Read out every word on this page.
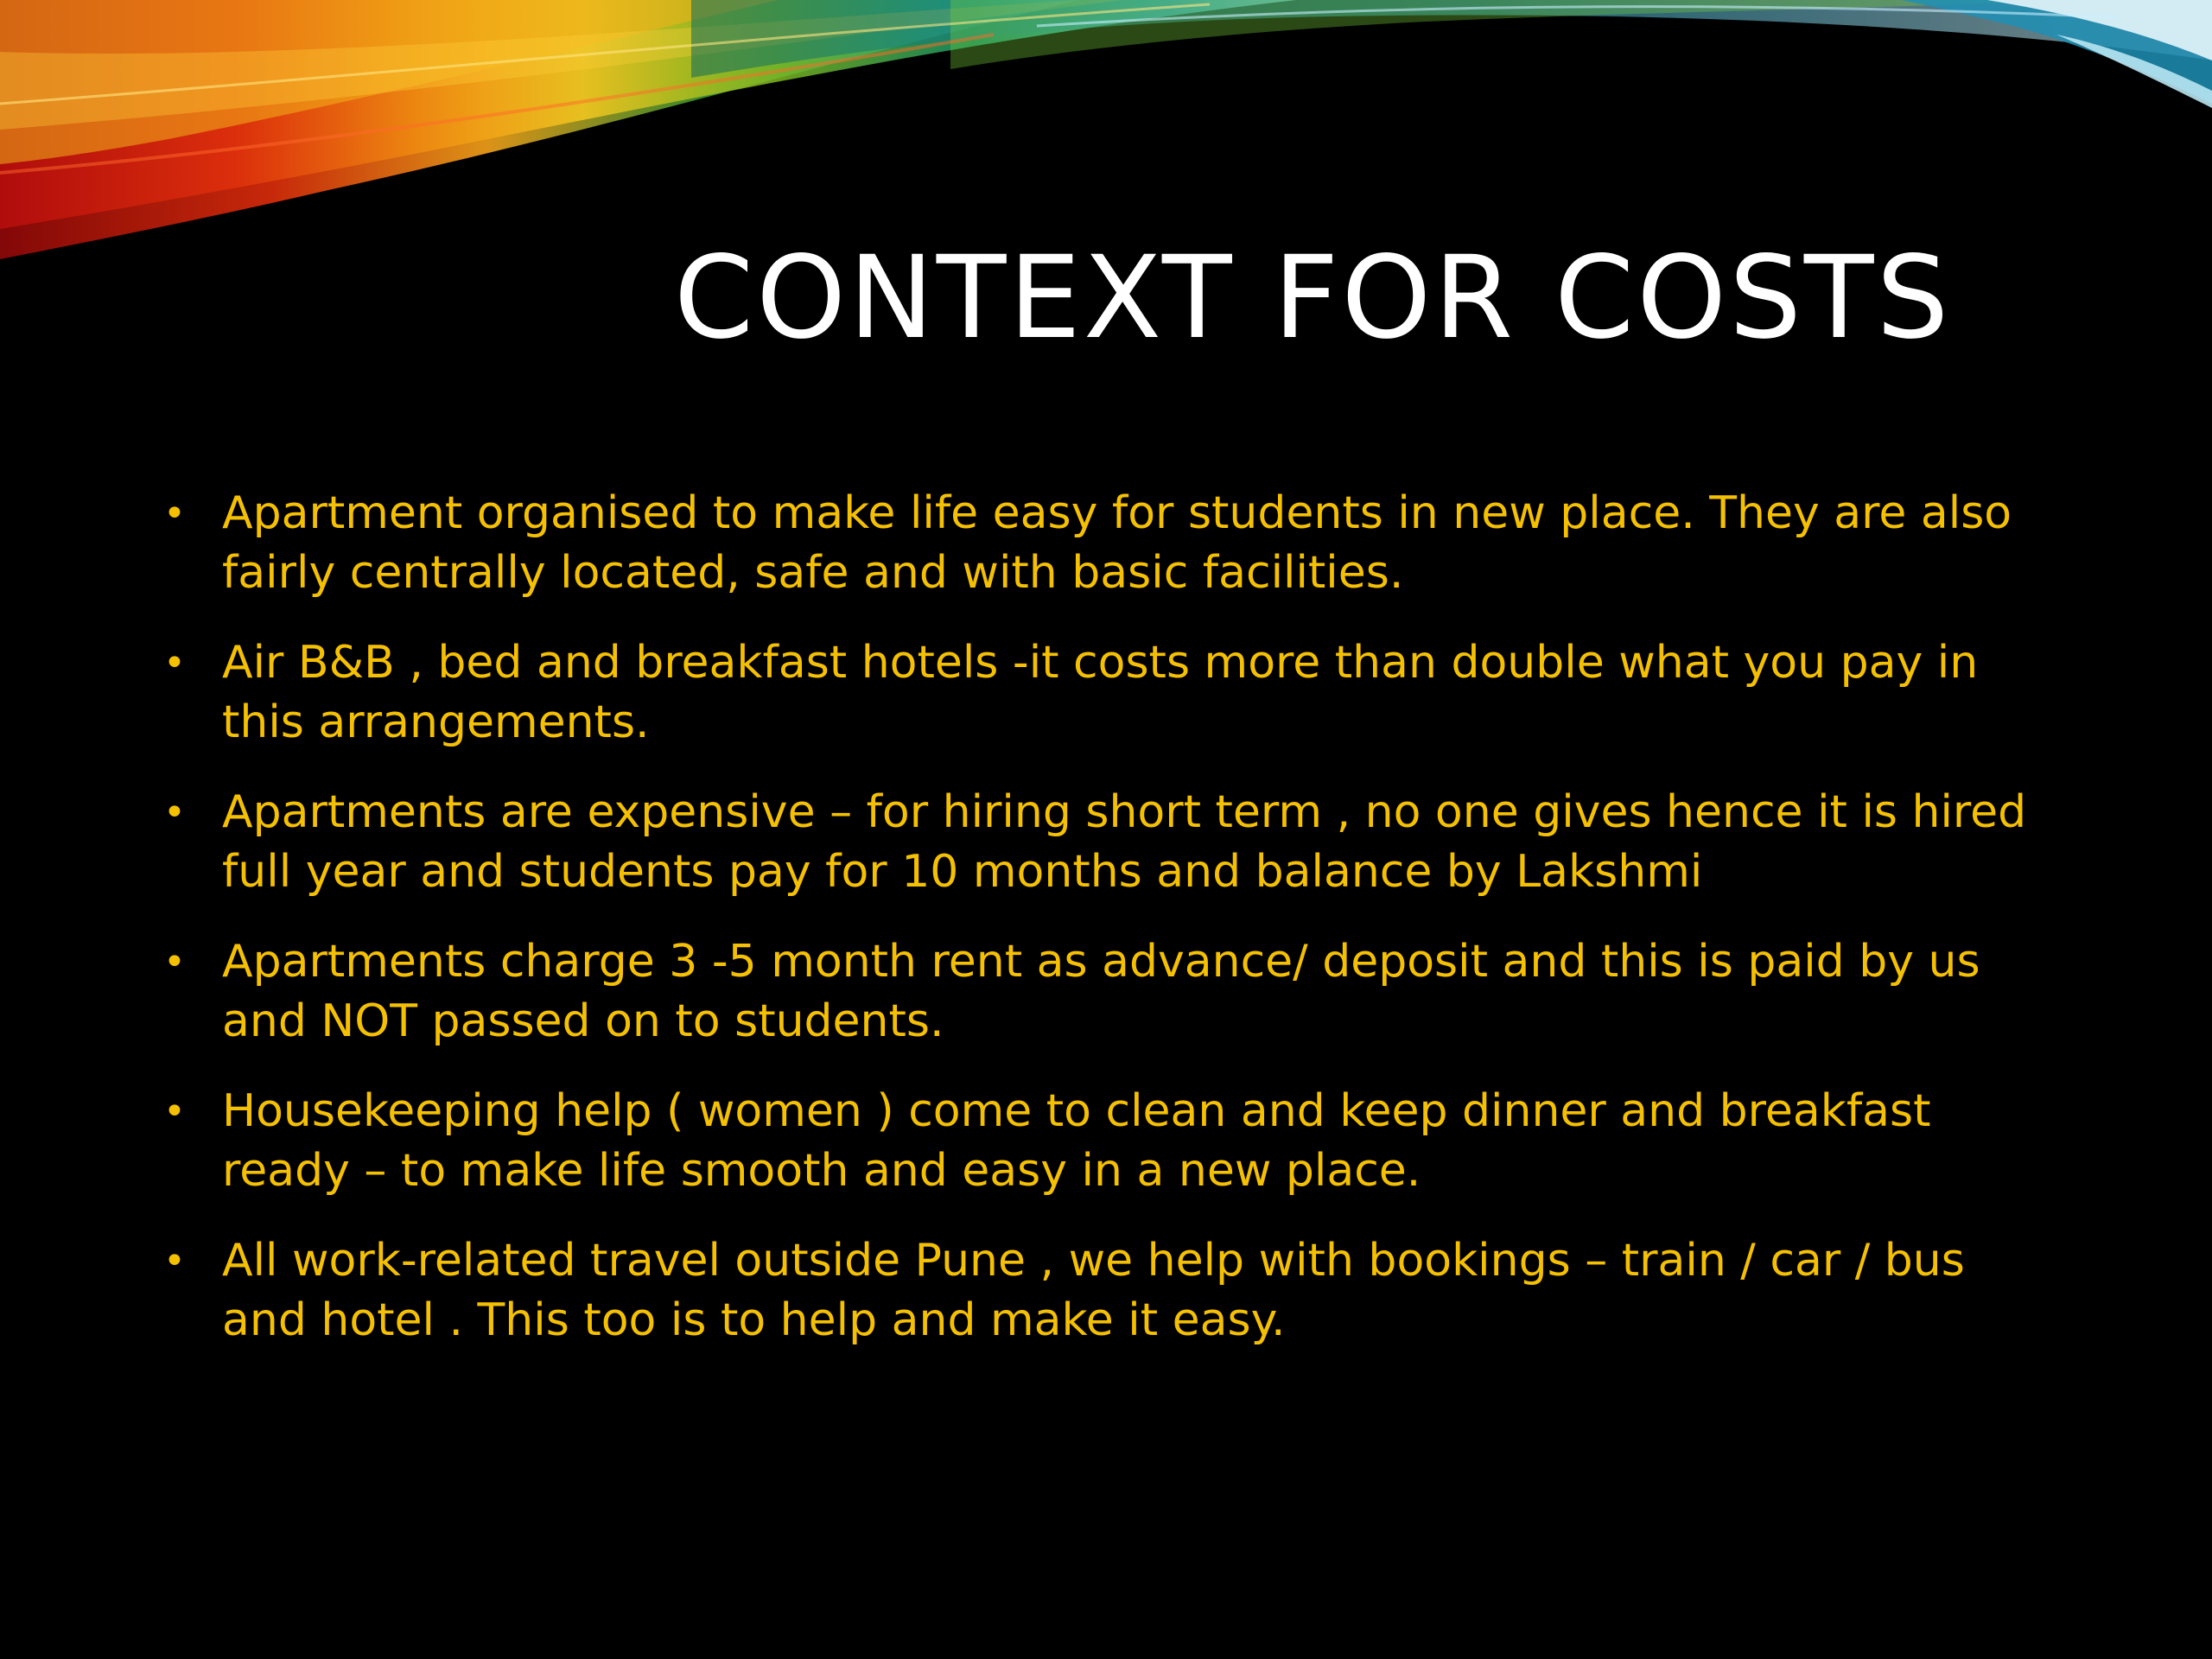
CONTEXT FOR COSTS
• Apartment organised to make life easy for students in new place. They are also fairly centrally located, safe and with basic facilities.
• Air B&B , bed and breakfast hotels -it costs more than double what you pay in this arrangements.
• Apartments are expensive – for hiring short term , no one gives hence it is hired full year and students pay for 10 months and balance by Lakshmi
• Apartments charge 3 -5 month rent as advance/ deposit and this is paid by us and NOT passed on to students.
• Housekeeping help ( women ) come to clean and keep dinner and breakfast ready – to make life smooth and easy in a new place.
• All work-related travel outside Pune , we help with bookings – train / car / bus and hotel . This too is to help and make it easy.
